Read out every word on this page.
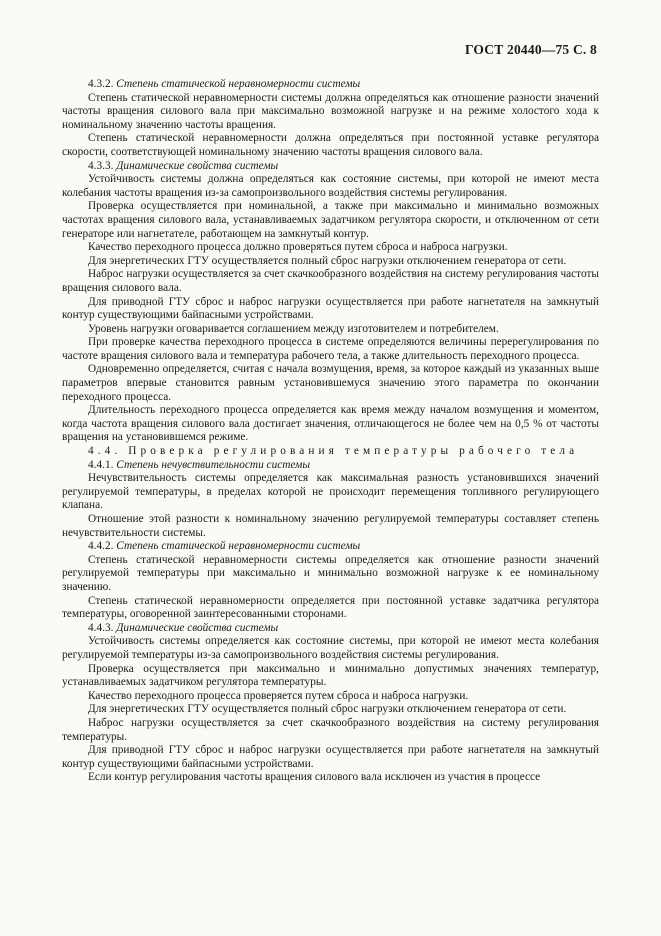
ГОСТ 20440—75 С. 8

4.3.2. Степень статической неравномерности системы

Степень статической неравномерности системы должна определяться как отношение разности значений частоты вращения силового вала при максимально возможной нагрузке и на режиме холостого хода к номинальному значению частоты вращения.

Степень статической неравномерности должна определяться при постоянной уставке регулятора скорости, соответствующей номинальному значению частоты вращения силового вала.

4.3.3. Динамические свойства системы

Устойчивость системы должна определяться как состояние системы, при которой не имеют места колебания частоты вращения из-за самопроизвольного воздействия системы регулирования.

Проверка осуществляется при номинальной, а также при максимально и минимально возможных частотах вращения силового вала, устанавливаемых задатчиком регулятора скорости, и отключенном от сети генераторе или нагнетателе, работающем на замкнутый контур.

Качество переходного процесса должно проверяться путем сброса и наброса нагрузки.

Для энергетических ГТУ осуществляется полный сброс нагрузки отключением генератора от сети.

Наброс нагрузки осуществляется за счет скачкообразного воздействия на систему регулирования частоты вращения силового вала.

Для приводной ГТУ сброс и наброс нагрузки осуществляется при работе нагнетателя на замкнутый контур существующими байпасными устройствами.

Уровень нагрузки оговаривается соглашением между изготовителем и потребителем.

При проверке качества переходного процесса в системе определяются величины перерегулирования по частоте вращения силового вала и температура рабочего тела, а также длительность переходного процесса.

Одновременно определяется, считая с начала возмущения, время, за которое каждый из указанных выше параметров впервые становится равным установившемуся значению этого параметра по окончании переходного процесса.

Длительность переходного процесса определяется как время между началом возмущения и моментом, когда частота вращения силового вала достигает значения, отличающегося не более чем на 0,5 % от частоты вращения на установившемся режиме.

4.4. Проверка регулирования температуры рабочего тела

4.4.1. Степень нечувствительности системы

Нечувствительность системы определяется как максимальная разность установившихся значений регулируемой температуры, в пределах которой не происходит перемещения топливного регулирующего клапана.

Отношение этой разности к номинальному значению регулируемой температуры составляет степень нечувствительности системы.

4.4.2. Степень статической неравномерности системы

Степень статической неравномерности системы определяется как отношение разности значений регулируемой температуры при максимально и минимально возможной нагрузке к ее номинальному значению.

Степень статической неравномерности определяется при постоянной уставке задатчика регулятора температуры, оговоренной заинтересованными сторонами.

4.4.3. Динамические свойства системы

Устойчивость системы определяется как состояние системы, при которой не имеют места колебания регулируемой температуры из-за самопроизвольного воздействия системы регулирования.

Проверка осуществляется при максимально и минимально допустимых значениях температур, устанавливаемых задатчиком регулятора температуры.

Качество переходного процесса проверяется путем сброса и наброса нагрузки.

Для энергетических ГТУ осуществляется полный сброс нагрузки отключением генератора от сети.

Наброс нагрузки осуществляется за счет скачкообразного воздействия на систему регулирования температуры.

Для приводной ГТУ сброс и наброс нагрузки осуществляется при работе нагнетателя на замкнутый контур существующими байпасными устройствами.

Если контур регулирования частоты вращения силового вала исключен из участия в процессе
